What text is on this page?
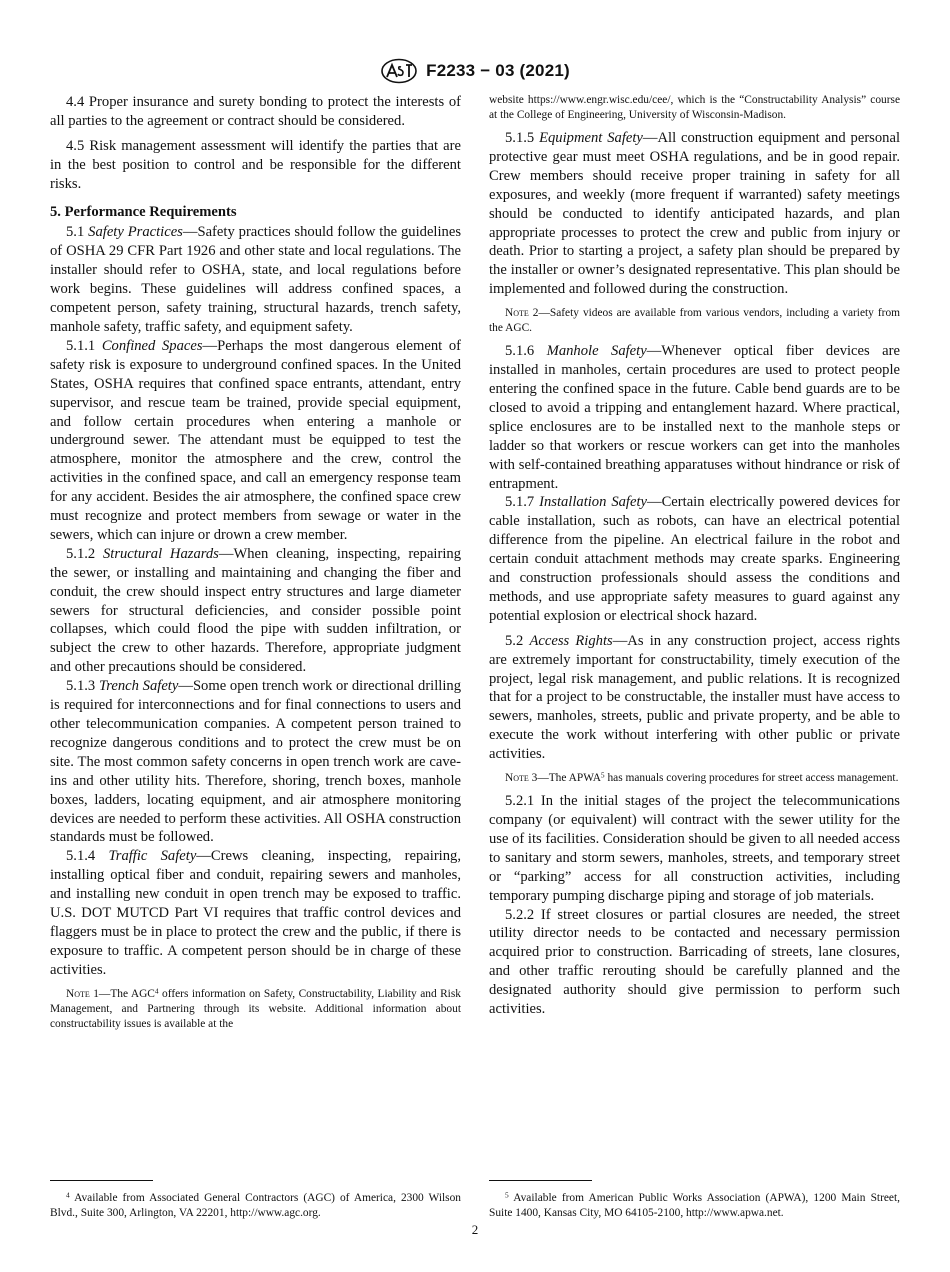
F2233 − 03 (2021)

4.4 Proper insurance and surety bonding to protect the interests of all parties to the agreement or contract should be considered.

4.5 Risk management assessment will identify the parties that are in the best position to control and be responsible for the different risks.

5. Performance Requirements

5.1 Safety Practices—Safety practices should follow the guidelines of OSHA 29 CFR Part 1926 and other state and local regulations. The installer should refer to OSHA, state, and local regulations before work begins. These guidelines will address confined spaces, a competent person, safety training, structural hazards, trench safety, manhole safety, traffic safety, and equipment safety.

5.1.1 Confined Spaces—Perhaps the most dangerous element of safety risk is exposure to underground confined spaces. In the United States, OSHA requires that confined space entrants, attendant, entry supervisor, and rescue team be trained, provide special equipment, and follow certain procedures when entering a manhole or underground sewer. The attendant must be equipped to test the atmosphere, monitor the atmosphere and the crew, control the activities in the confined space, and call an emergency response team for any accident. Besides the air atmosphere, the confined space crew must recognize and protect members from sewage or water in the sewers, which can injure or drown a crew member.

5.1.2 Structural Hazards—When cleaning, inspecting, repairing the sewer, or installing and maintaining and changing the fiber and conduit, the crew should inspect entry structures and large diameter sewers for structural deficiencies, and consider possible point collapses, which could flood the pipe with sudden infiltration, or subject the crew to other hazards. Therefore, appropriate judgment and other precautions should be considered.

5.1.3 Trench Safety—Some open trench work or directional drilling is required for interconnections and for final connections to users and other telecommunication companies. A competent person trained to recognize dangerous conditions and to protect the crew must be on site. The most common safety concerns in open trench work are cave-ins and other utility hits. Therefore, shoring, trench boxes, manhole boxes, ladders, locating equipment, and air atmosphere monitoring devices are needed to perform these activities. All OSHA construction standards must be followed.

5.1.4 Traffic Safety—Crews cleaning, inspecting, repairing, installing optical fiber and conduit, repairing sewers and manholes, and installing new conduit in open trench may be exposed to traffic. U.S. DOT MUTCD Part VI requires that traffic control devices and flaggers must be in place to protect the crew and the public, if there is exposure to traffic. A competent person should be in charge of these activities.

Note 1—The AGC$^4$ offers information on Safety, Constructability, Liability and Risk Management, and Partnering through its website. Additional information about constructability issues is available at the

website https://www.engr.wisc.edu/cee/, which is the “Constructability Analysis” course at the College of Engineering, University of Wisconsin-Madison.

5.1.5 Equipment Safety—All construction equipment and personal protective gear must meet OSHA regulations, and be in good repair. Crew members should receive proper training in safety for all exposures, and weekly (more frequent if warranted) safety meetings should be conducted to identify anticipated hazards, and plan appropriate processes to protect the crew and public from injury or death. Prior to starting a project, a safety plan should be prepared by the installer or owner’s designated representative. This plan should be implemented and followed during the construction.

Note 2—Safety videos are available from various vendors, including a variety from the AGC.

5.1.6 Manhole Safety—Whenever optical fiber devices are installed in manholes, certain procedures are used to protect people entering the confined space in the future. Cable bend guards are to be closed to avoid a tripping and entanglement hazard. Where practical, splice enclosures are to be installed next to the manhole steps or ladder so that workers or rescue workers can get into the manholes with self-contained breathing apparatuses without hindrance or risk of entrapment.

5.1.7 Installation Safety—Certain electrically powered devices for cable installation, such as robots, can have an electrical potential difference from the pipeline. An electrical failure in the robot and certain conduit attachment methods may create sparks. Engineering and construction professionals should assess the conditions and methods, and use appropriate safety measures to guard against any potential explosion or electrical shock hazard.

5.2 Access Rights—As in any construction project, access rights are extremely important for constructability, timely execution of the project, legal risk management, and public relations. It is recognized that for a project to be constructable, the installer must have access to sewers, manholes, streets, public and private property, and be able to execute the work without interfering with other public or private activities.

Note 3—The APWA$^5$ has manuals covering procedures for street access management.

5.2.1 In the initial stages of the project the telecommunications company (or equivalent) will contract with the sewer utility for the use of its facilities. Consideration should be given to all needed access to sanitary and storm sewers, manholes, streets, and temporary street or “parking” access for all construction activities, including temporary pumping discharge piping and storage of job materials.

5.2.2 If street closures or partial closures are needed, the street utility director needs to be contacted and necessary permission acquired prior to construction. Barricading of streets, lane closures, and other traffic rerouting should be carefully planned and the designated authority should give permission to perform such activities.

$^4$ Available from Associated General Contractors (AGC) of America, 2300 Wilson Blvd., Suite 300, Arlington, VA 22201, http://www.agc.org.
$^5$ Available from American Public Works Association (APWA), 1200 Main Street, Suite 1400, Kansas City, MO 64105-2100, http://www.apwa.net.
2
